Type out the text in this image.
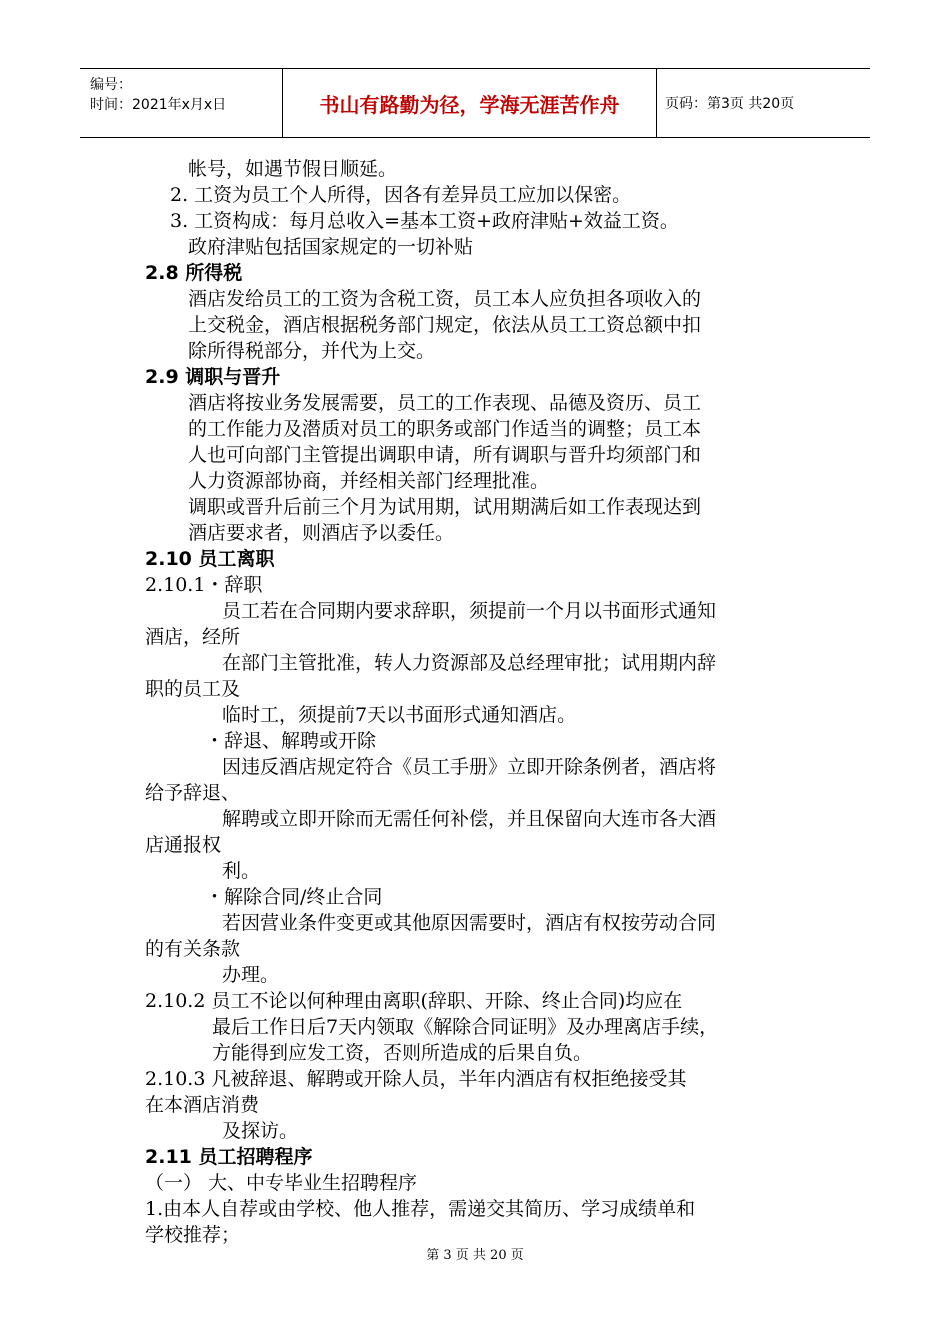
编号：
时间：2021年x月x日	书山有路勤为径，学海无涯苦作舟	页码：第3页 共20页
帐号，如遇节假日顺延。
2. 工资为员工个人所得，因各有差异员工应加以保密。
3. 工资构成：每月总收入=基本工资+政府津贴+效益工资。
政府津贴包括国家规定的一切补贴
2.8 所得税
酒店发给员工的工资为含税工资，员工本人应负担各项收入的
上交税金，酒店根据税务部门规定，依法从员工工资总额中扣
除所得税部分，并代为上交。
2.9 调职与晋升
酒店将按业务发展需要，员工的工作表现、品德及资历、员工
的工作能力及潜质对员工的职务或部门作适当的调整；员工本
人也可向部门主管提出调职申请，所有调职与晋升均须部门和
人力资源部协商，并经相关部门经理批准。
调职或晋升后前三个月为试用期，试用期满后如工作表现达到
酒店要求者，则酒店予以委任。
2.10 员工离职
2.10.1・辞职
员工若在合同期内要求辞职，须提前一个月以书面形式通知
酒店，经所
在部门主管批准，转人力资源部及总经理审批；试用期内辞
职的员工及
临时工，须提前7天以书面形式通知酒店。
・辞退、解聘或开除
因违反酒店规定符合《员工手册》立即开除条例者，酒店将
给予辞退、
解聘或立即开除而无需任何补偿，并且保留向大连市各大酒
店通报权
利。
・解除合同/终止合同
若因营业条件变更或其他原因需要时，酒店有权按劳动合同
的有关条款
办理。
2.10.2 员工不论以何种理由离职(辞职、开除、终止合同)均应在
最后工作日后7天内领取《解除合同证明》及办理离店手续，
方能得到应发工资，否则所造成的后果自负。
2.10.3 凡被辞退、解聘或开除人员，半年内酒店有权拒绝接受其
在本酒店消费
及探访。
2.11 员工招聘程序
（一） 大、中专毕业生招聘程序
1.由本人自荐或由学校、他人推荐，需递交其简历、学习成绩单和
学校推荐；
第 3 页 共 20 页
